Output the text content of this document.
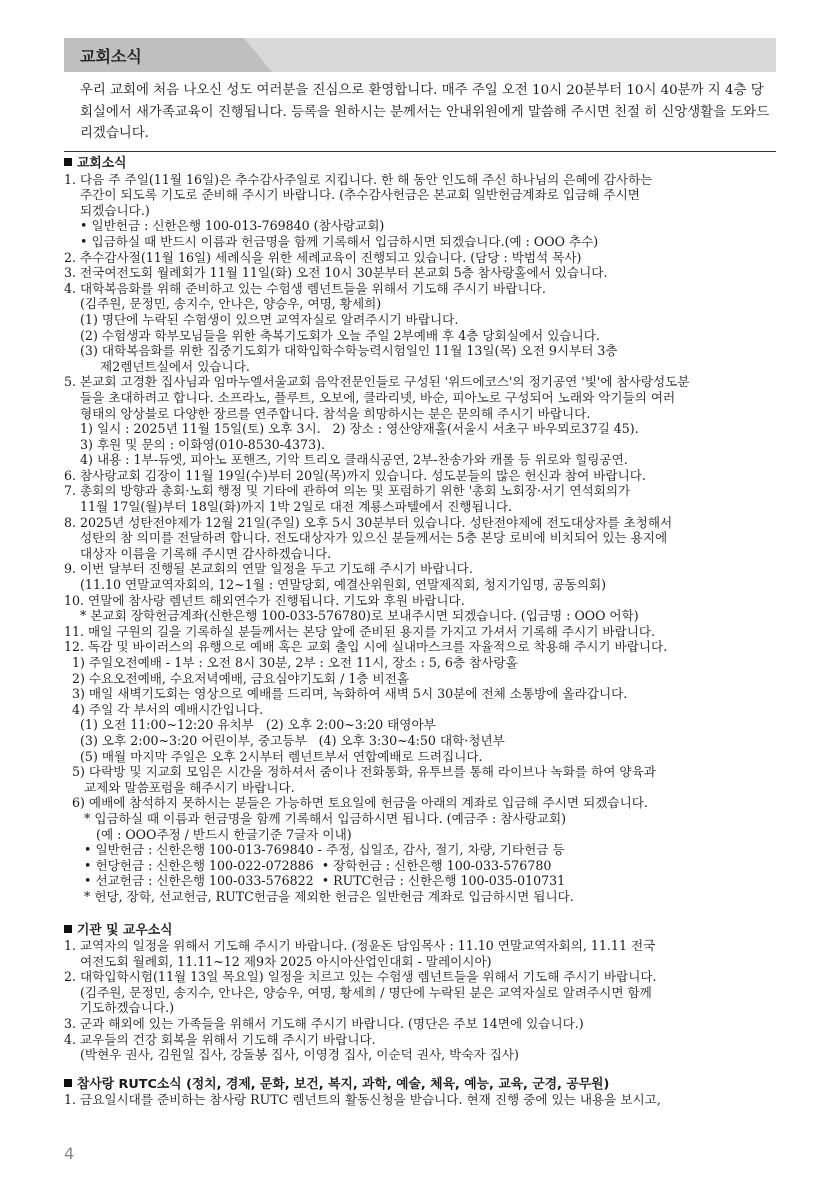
교회소식
우리 교회에 처음 나오신 성도 여러분을 진심으로 환영합니다. 매주 주일 오전 10시 20분부터 10시 40분까 지 4층 당회실에서 새가족교육이 진행됩니다. 등록을 원하시는 분께서는 안내위원에게 말씀해 주시면 친절 히 신앙생활을 도와드리겠습니다.

교회소식

1. 다음 주 주일(11월 16일)은 추수감사주일로 지킵니다. 한 해 동안 인도해 주신 하나님의 은혜에 감사하는

주간이 되도록 기도로 준비해 주시기 바랍니다. (추수감사헌금은 본교회 일반헌금계좌로 입금해 주시면

되겠습니다.)

• 일반헌금 : 신한은행 100-013-769840 (참사랑교회)

• 입금하실 때 반드시 이름과 헌금명을 함께 기록해서 입금하시면 되겠습니다.(예 : OOO 추수)

2. 추수감사절(11월 16일) 세례식을 위한 세례교육이 진행되고 있습니다. (담당 : 박범석 목사)

3. 전국여전도회 월례회가 11월 11일(화) 오전 10시 30분부터 본교회 5층 참사랑홀에서 있습니다.

4. 대학복음화를 위해 준비하고 있는 수험생 렘넌트들을 위해서 기도해 주시기 바랍니다.

(김주원, 문정민, 송지수, 안나은, 양승우, 여명, 황세희)

(1) 명단에 누락된 수험생이 있으면 교역자실로 알려주시기 바랍니다.

(2) 수험생과 학부모님들을 위한 축복기도회가 오늘 주일 2부예배 후 4층 당회실에서 있습니다.

(3) 대학복음화를 위한 집중기도회가 대학입학수학능력시험일인 11월 13일(목) 오전 9시부터 3층

제2렘넌트실에서 있습니다.

5. 본교회 고경환 집사님과 임마누엘서울교회 음악전문인들로 구성된 '위드에코스'의 정기공연 '빛'에 참사랑성도분

들을 초대하려고 합니다. 소프라노, 플루트, 오보에, 클라리넷, 바순, 피아노로 구성되어 노래와 악기들의 여러

형태의 앙상블로 다양한 장르를 연주합니다. 참석을 희망하시는 분은 문의해 주시기 바랍니다.

1) 일시 : 2025년 11월 15일(토) 오후 3시.   2) 장소 : 영산양재홀(서울시 서초구 바우뫼로37길 45).

3) 후원 및 문의 : 이화영(010-8530-4373).

4) 내용 : 1부-듀엣, 피아노 포핸즈, 기악 트리오 클래식공연, 2부-찬송가와 캐롤 등 위로와 힐링공연.

6. 참사랑교회 김장이 11월 19일(수)부터 20일(목)까지 있습니다. 성도분들의 많은 헌신과 참여 바랍니다.

7. 총회의 방향과 총회·노회 행정 및 기타에 관하여 의논 및 포럼하기 위한 '총회 노회장·서기 연석회의가

11월 17일(월)부터 18일(화)까지 1박 2일로 대전 계룡스파텔에서 진행됩니다.

8. 2025년 성탄전야제가 12월 21일(주일) 오후 5시 30분부터 있습니다. 성탄전야제에 전도대상자를 초청해서

성탄의 참 의미를 전달하려 합니다. 전도대상자가 있으신 분들께서는 5층 본당 로비에 비치되어 있는 용지에

대상자 이름을 기록해 주시면 감사하겠습니다.

9. 이번 달부터 진행될 본교회의 연말 일정을 두고 기도해 주시기 바랍니다.

(11.10 연말교역자회의, 12~1월 : 연말당회, 예결산위원회, 연말제직회, 청지기임명, 공동의회)

10. 연말에 참사랑 렘넌트 해외연수가 진행됩니다. 기도와 후원 바랍니다.

* 본교회 장학헌금계좌(신한은행 100-033-576780)로 보내주시면 되겠습니다. (입금명 : OOO 어학)

11. 매일 구원의 길을 기록하실 분들께서는 본당 앞에 준비된 용지를 가지고 가셔서 기록해 주시기 바랍니다.

12. 독감 및 바이러스의 유행으로 예배 혹은 교회 출입 시에 실내마스크를 자율적으로 착용해 주시기 바랍니다.

1) 주일오전예배 - 1부 : 오전 8시 30분, 2부 : 오전 11시, 장소 : 5, 6층 참사랑홀

2) 수요오전예배, 수요저녁예배, 금요심야기도회 / 1층 비전홀

3) 매일 새벽기도회는 영상으로 예배를 드리며, 녹화하여 새벽 5시 30분에 전체 소통방에 올라갑니다.

4) 주일 각 부서의 예배시간입니다.

(1) 오전 11:00~12:20 유치부   (2) 오후 2:00~3:20 태영아부

(3) 오후 2:00~3:20 어린이부, 중고등부   (4) 오후 3:30~4:50 대학·청년부

(5) 매월 마지막 주일은 오후 2시부터 렘넌트부서 연합예배로 드려집니다.

5) 다락방 및 지교회 모임은 시간을 정하셔서 줌이나 전화통화, 유투브를 통해 라이브나 녹화를 하여 양육과

교제와 말씀포럼을 해주시기 바랍니다.

6) 예배에 참석하지 못하시는 분들은 가능하면 토요일에 헌금을 아래의 계좌로 입금해 주시면 되겠습니다.

* 입금하실 때 이름과 헌금명을 함께 기록해서 입금하시면 됩니다. (예금주 : 참사랑교회)

(예 : OOO주정 / 반드시 한글기준 7글자 이내)

• 일반헌금 : 신한은행 100-013-769840 - 주정, 십일조, 감사, 절기, 차량, 기타헌금 등

• 헌당헌금 : 신한은행 100-022-072886  • 장학헌금 : 신한은행 100-033-576780

• 선교헌금 : 신한은행 100-033-576822  • RUTC헌금 : 신한은행 100-035-010731

* 헌당, 장학, 선교헌금, RUTC헌금을 제외한 헌금은 일반헌금 계좌로 입금하시면 됩니다.

기관 및 교우소식

1. 교역자의 일정을 위해서 기도해 주시기 바랍니다. (정윤돈 담임목사 : 11.10 연말교역자회의, 11.11 전국

여전도회 월례회, 11.11~12 제9차 2025 아시아산업인대회 - 말레이시아)

2. 대학입학시험(11월 13일 목요일) 일정을 치르고 있는 수험생 렘넌트들을 위해서 기도해 주시기 바랍니다.

(김주원, 문정민, 송지수, 안나은, 양승우, 여명, 황세희 / 명단에 누락된 분은 교역자실로 알려주시면 함께

기도하겠습니다.)

3. 군과 해외에 있는 가족들을 위해서 기도해 주시기 바랍니다. (명단은 주보 14면에 있습니다.)

4. 교우들의 건강 회복을 위해서 기도해 주시기 바랍니다.

(박현우 권사, 김원일 집사, 강돌봉 집사, 이영경 집사, 이순덕 권사, 박숙자 집사)

참사랑 RUTC소식 (정치, 경제, 문화, 보건, 복지, 과학, 예술, 체육, 예능, 교육, 군경, 공무원)

1. 금요일시대를 준비하는 참사랑 RUTC 렘넌트의 활동신청을 받습니다. 현재 진행 중에 있는 내용을 보시고,

4
